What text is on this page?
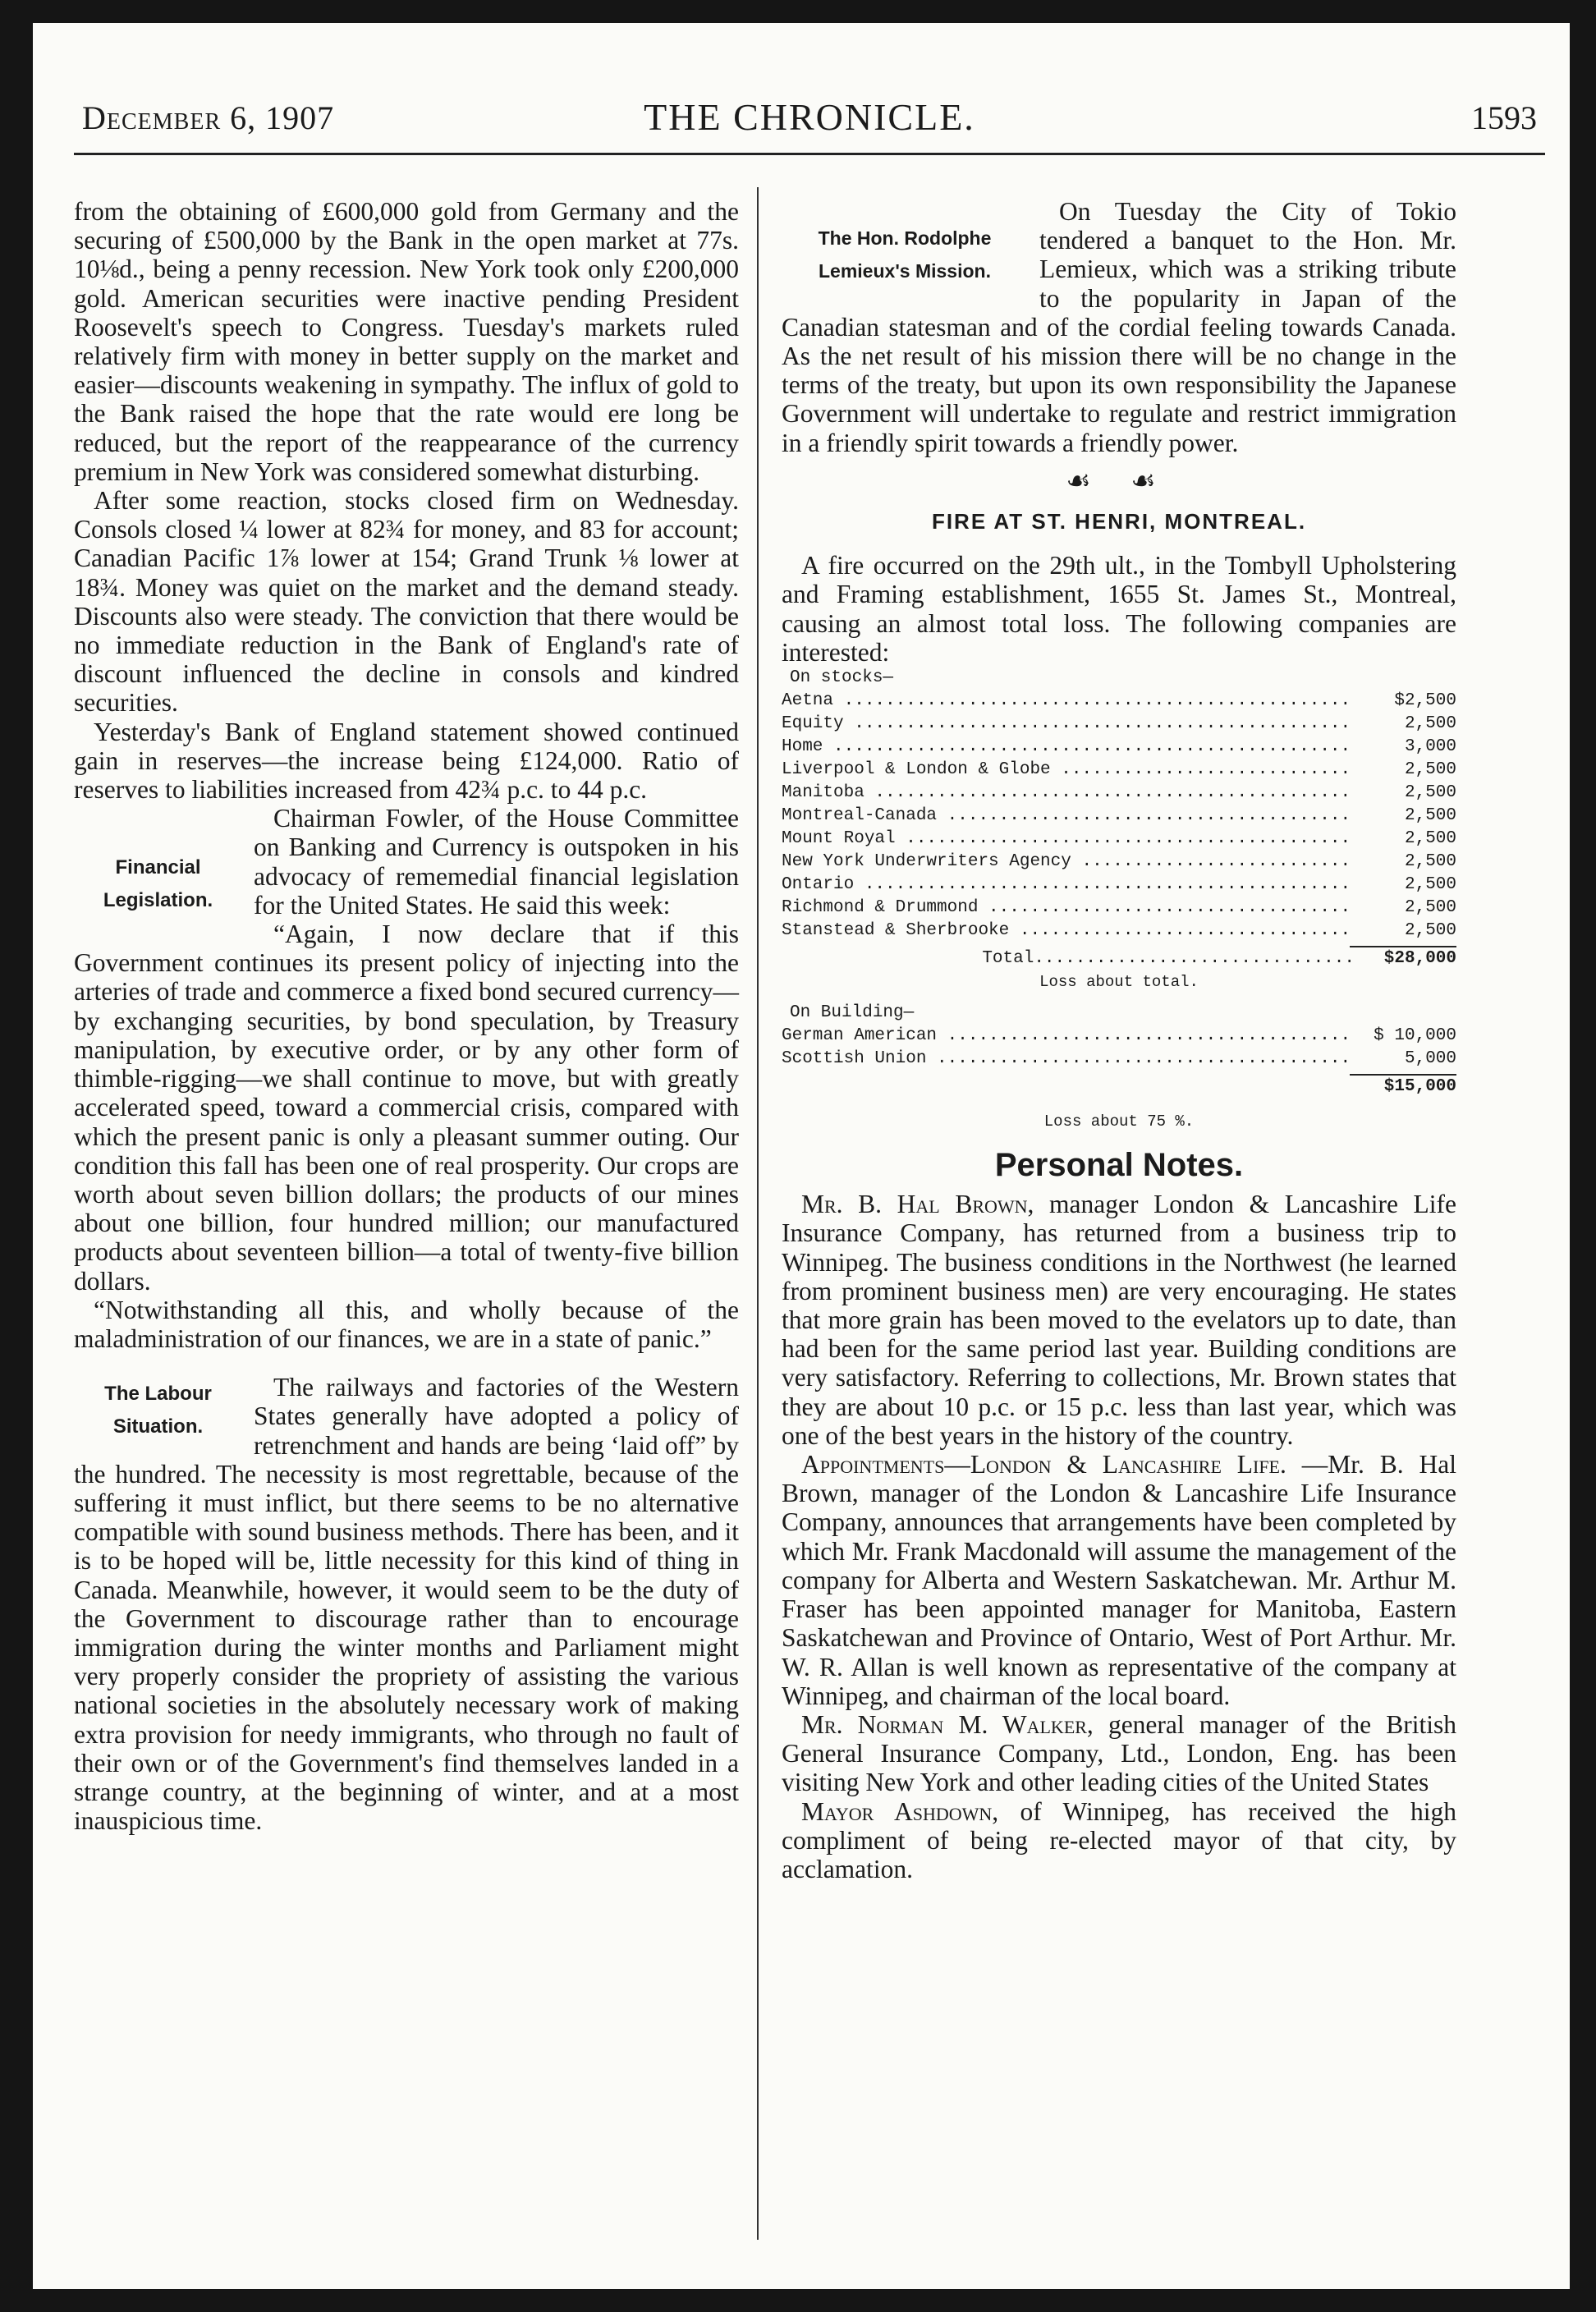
December 6, 1907	THE CHRONICLE.	1593

from the obtaining of £600,000 gold from Germany and the securing of £500,000 by the Bank in the open market at 77s. 10⅛d., being a penny recession. New York took only £200,000 gold. American securities were inactive pending President Roosevelt's speech to Congress. Tuesday's markets ruled relatively firm with money in better supply on the market and easier—discounts weakening in sympathy. The influx of gold to the Bank raised the hope that the rate would ere long be reduced, but the report of the reappearance of the currency premium in New York was considered somewhat disturbing.

After some reaction, stocks closed firm on Wednesday. Consols closed ¼ lower at 82¾ for money, and 83 for account; Canadian Pacific 1⅞ lower at 154; Grand Trunk ⅛ lower at 18¾. Money was quiet on the market and the demand steady. Discounts also were steady. The conviction that there would be no immediate reduction in the Bank of England's rate of discount influenced the decline in consols and kindred securities.

Yesterday's Bank of England statement showed continued gain in reserves—the increase being £124,000. Ratio of reserves to liabilities increased from 42¾ p.c. to 44 p.c.

Financial
Legislation.

Chairman Fowler, of the House Committee on Banking and Currency is outspoken in his advocacy of rememedial financial legislation for the United States. He said this week:

“Again, I now declare that if this Government continues its present policy of injecting into the arteries of trade and commerce a fixed bond secured currency—by exchanging securities, by bond speculation, by Treasury manipulation, by executive order, or by any other form of thimble-rigging—we shall continue to move, but with greatly accelerated speed, toward a commercial crisis, compared with which the present panic is only a pleasant summer outing. Our condition this fall has been one of real prosperity. Our crops are worth about seven billion dollars; the products of our mines about one billion, four hundred million; our manufactured products about seventeen billion—a total of twenty-five billion dollars.

“Notwithstanding all this, and wholly because of the maladministration of our finances, we are in a state of panic.”

The Labour
Situation.

The railways and factories of the Western States generally have adopted a policy of retrenchment and hands are being ‘laid off” by the hundred. The necessity is most regrettable, because of the suffering it must inflict, but there seems to be no alternative compatible with sound business methods. There has been, and it is to be hoped will be, little necessity for this kind of thing in Canada. Meanwhile, however, it would seem to be the duty of the Government to discourage rather than to encourage immigration during the winter months and Parliament might very properly consider the propriety of assisting the various national societies in the absolutely necessary work of making extra provision for needy immigrants, who through no fault of their own or of the Government's find themselves landed in a strange country, at the beginning of winter, and at a most inauspicious time.

The Hon. Rodolphe
Lemieux's Mission.

On Tuesday the City of Tokio tendered a banquet to the Hon. Mr. Lemieux, which was a striking tribute to the popularity in Japan of the Canadian statesman and of the cordial feeling towards Canada. As the net result of his mission there will be no change in the terms of the treaty, but upon its own responsibility the Japanese Government will undertake to regulate and restrict immigration in a friendly spirit towards a friendly power.

☙ ☙
FIRE AT ST. HENRI, MONTREAL.

A fire occurred on the 29th ult., in the Tombyll Upholstering and Framing establishment, 1655 St. James St., Montreal, causing an almost total loss. The following companies are interested:

On stocks—
Aetna .....	$2,500
Equity .....	2,500
Home .....	3,000
Liverpool & London & Globe .....	2,500
Manitoba .....	2,500
Montreal-Canada .....	2,500
Mount Royal .....	2,500
New York Underwriters Agency .....	2,500
Ontario .....	2,500
Richmond & Drummond .....	2,500
Stanstead & Sherbrooke .....	2,500
Total...............................	$28,000
Loss about total.
On Building—
German American .....	$ 10,000
Scottish Union .....	5,000
$15,000
Loss about 75 %.
Personal Notes.

Mr. B. Hal Brown, manager London & Lancashire Life Insurance Company, has returned from a business trip to Winnipeg. The business conditions in the Northwest (he learned from prominent business men) are very encouraging. He states that more grain has been moved to the evelators up to date, than had been for the same period last year. Building conditions are very satisfactory. Referring to collections, Mr. Brown states that they are about 10 p.c. or 15 p.c. less than last year, which was one of the best years in the history of the country.

Appointments—London & Lancashire Life. —Mr. B. Hal Brown, manager of the London & Lancashire Life Insurance Company, announces that arrangements have been completed by which Mr. Frank Macdonald will assume the management of the company for Alberta and Western Saskatchewan. Mr. Arthur M. Fraser has been appointed manager for Manitoba, Eastern Saskatchewan and Province of Ontario, West of Port Arthur. Mr. W. R. Allan is well known as representative of the company at Winnipeg, and chairman of the local board.

Mr. Norman M. Walker, general manager of the British General Insurance Company, Ltd., London, Eng. has been visiting New York and other leading cities of the United States

Mayor Ashdown, of Winnipeg, has received the high compliment of being re-elected mayor of that city, by acclamation.
